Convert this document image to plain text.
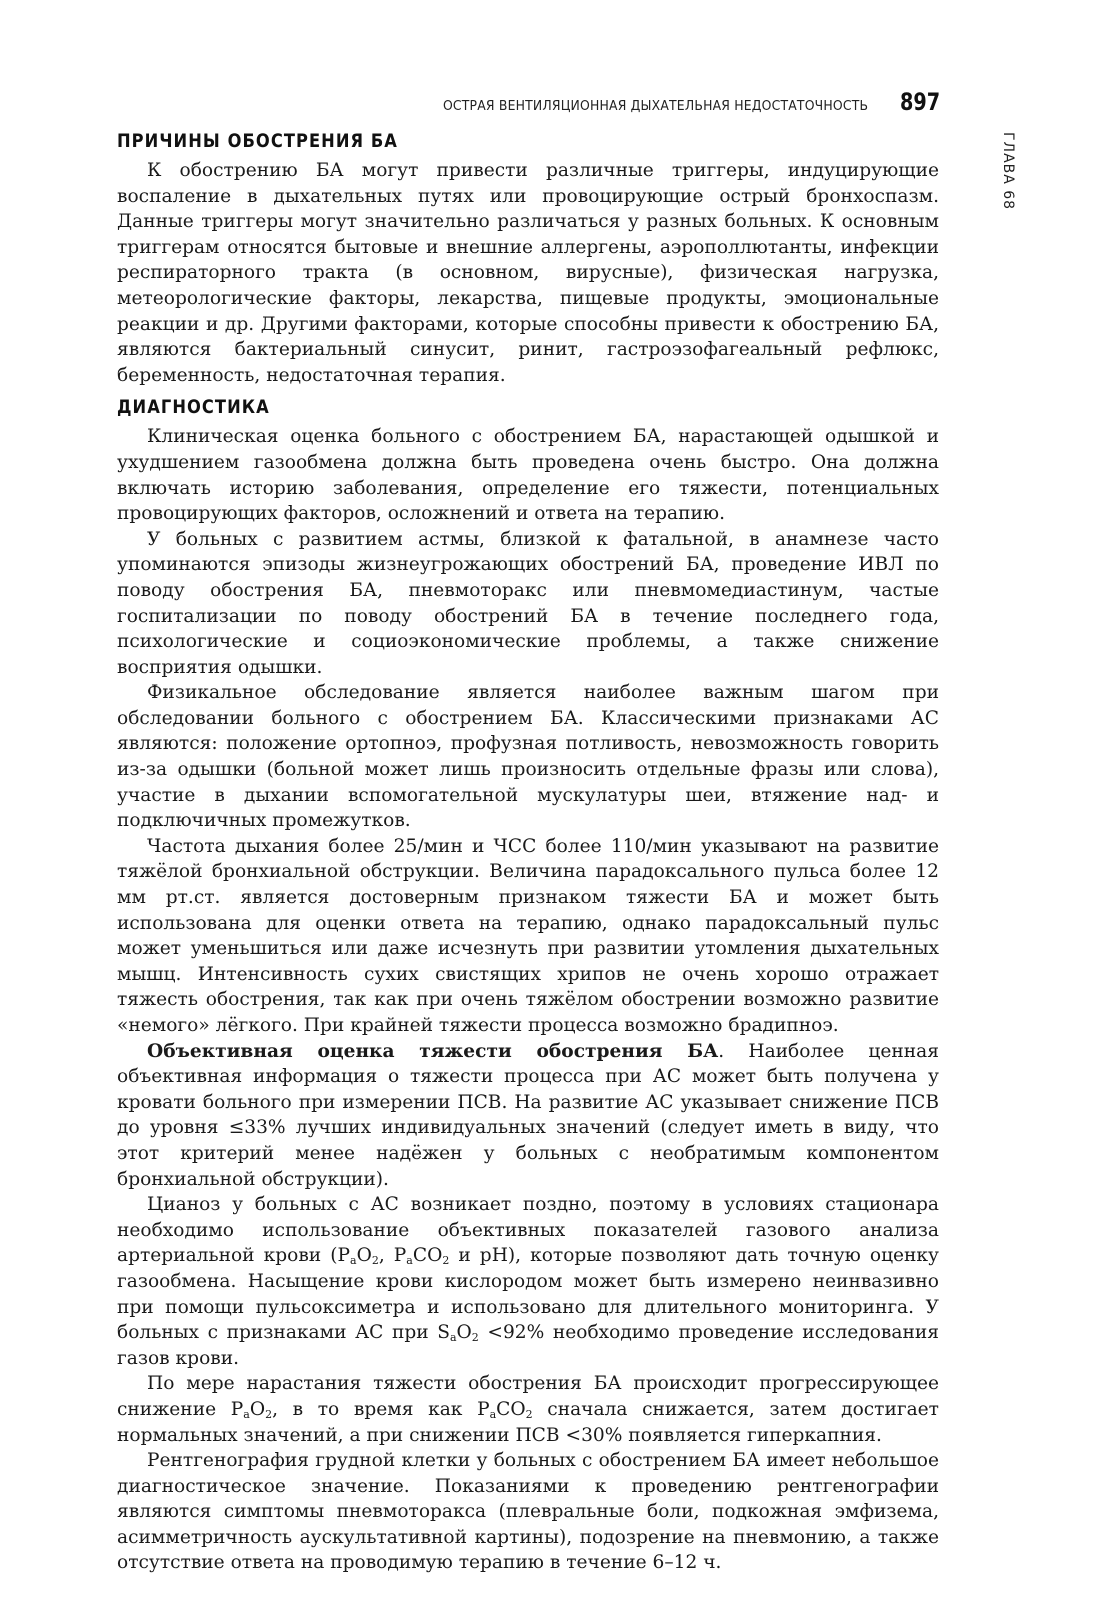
ОСТРАЯ ВЕНТИЛЯЦИОННАЯ ДЫХАТЕЛЬНАЯ НЕДОСТАТОЧНОСТЬ 897
ГЛАВА 68
ПРИЧИНЫ ОБОСТРЕНИЯ БА

К обострению БА могут привести различные триггеры, индуцирующие воспаление в дыхательных путях или провоцирующие острый бронхоспазм. Данные триггеры могут значительно различаться у разных больных. К основным триггерам относятся бытовые и внешние аллергены, аэрополлютанты, инфекции респираторного тракта (в основном, вирусные), физическая нагрузка, метеорологические факторы, лекарства, пищевые продукты, эмоциональные реакции и др. Другими факторами, которые способны привести к обострению БА, являются бактериальный синусит, ринит, гастроэзофагеальный рефлюкс, беременность, недостаточная терапия.

ДИАГНОСТИКА

Клиническая оценка больного с обострением БА, нарастающей одышкой и ухудшением газообмена должна быть проведена очень быстро. Она должна включать историю заболевания, определение его тяжести, потенциальных провоцирующих факторов, осложнений и ответа на терапию.

У больных с развитием астмы, близкой к фатальной, в анамнезе часто упоминаются эпизоды жизнеугрожающих обострений БА, проведение ИВЛ по поводу обострения БА, пневмоторакс или пневмомедиастинум, частые госпитализации по поводу обострений БА в течение последнего года, психологические и социоэкономические проблемы, а также снижение восприятия одышки.

Физикальное обследование является наиболее важным шагом при обследовании больного с обострением БА. Классическими признаками АС являются: положение ортопноэ, профузная потливость, невозможность говорить из-за одышки (больной может лишь произносить отдельные фразы или слова), участие в дыхании вспомогательной мускулатуры шеи, втяжение над- и подключичных промежутков.

Частота дыхания более 25/мин и ЧСС более 110/мин указывают на развитие тяжёлой бронхиальной обструкции. Величина парадоксального пульса более 12 мм рт.ст. является достоверным признаком тяжести БА и может быть использована для оценки ответа на терапию, однако парадоксальный пульс может уменьшиться или даже исчезнуть при развитии утомления дыхательных мышц. Интенсивность сухих свистящих хрипов не очень хорошо отражает тяжесть обострения, так как при очень тяжёлом обострении возможно развитие «немого» лёгкого. При крайней тяжести процесса возможно брадипноэ.

Объективная оценка тяжести обострения БА. Наиболее ценная объективная информация о тяжести процесса при АС может быть получена у кровати больного при измерении ПСВ. На развитие АС указывает снижение ПСВ до уровня ≤33% лучших индивидуальных значений (следует иметь в виду, что этот критерий менее надёжен у больных с необратимым компонентом бронхиальной обструкции).

Цианоз у больных с АС возникает поздно, поэтому в условиях стационара необходимо использование объективных показателей газового анализа артериальной крови ($P_aO_2$, $P_aCO_2$ и pH), которые позволяют дать точную оценку газообмена. Насыщение крови кислородом может быть измерено неинвазивно при помощи пульсоксиметра и использовано для длительного мониторинга. У больных с признаками АС при $S_aO_2 <92\%$ необходимо проведение исследования газов крови.

По мере нарастания тяжести обострения БА происходит прогрессирующее снижение $P_aO_2$, в то время как $P_aCO_2$ сначала снижается, затем достигает нормальных значений, а при снижении ПСВ <30% появляется гиперкапния.

Рентгенография грудной клетки у больных с обострением БА имеет небольшое диагностическое значение. Показаниями к проведению рентгенографии являются симптомы пневмоторакса (плевральные боли, подкожная эмфизема, асимметричность аускультативной картины), подозрение на пневмонию, а также отсутствие ответа на проводимую терапию в течение 6–12 ч.
